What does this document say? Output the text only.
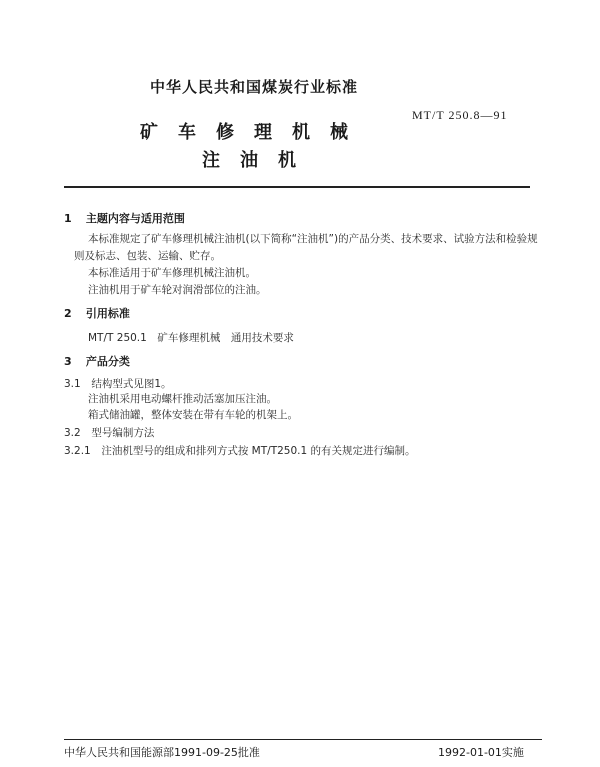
中华人民共和国煤炭行业标准
MT/T 250.8—91
矿车修理机械
注油机
1 主题内容与适用范围
本标准规定了矿车修理机械注油机(以下简称“注油机”)的产品分类、技术要求、试验方法和检验规
则及标志、包装、运输、贮存。
本标准适用于矿车修理机械注油机。
注油机用于矿车轮对润滑部位的注油。
2 引用标准
MT/T 250.1　矿车修理机械　通用技术要求
3 产品分类
3.1 结构型式见图1。
注油机采用电动螺杆推动活塞加压注油。
箱式储油罐，整体安装在带有车轮的机架上。
3.2 型号编制方法
3.2.1 注油机型号的组成和排列方式按 MT/T250.1 的有关规定进行编制。
中华人民共和国能源部1991-09-25批准	1992-01-01实施
